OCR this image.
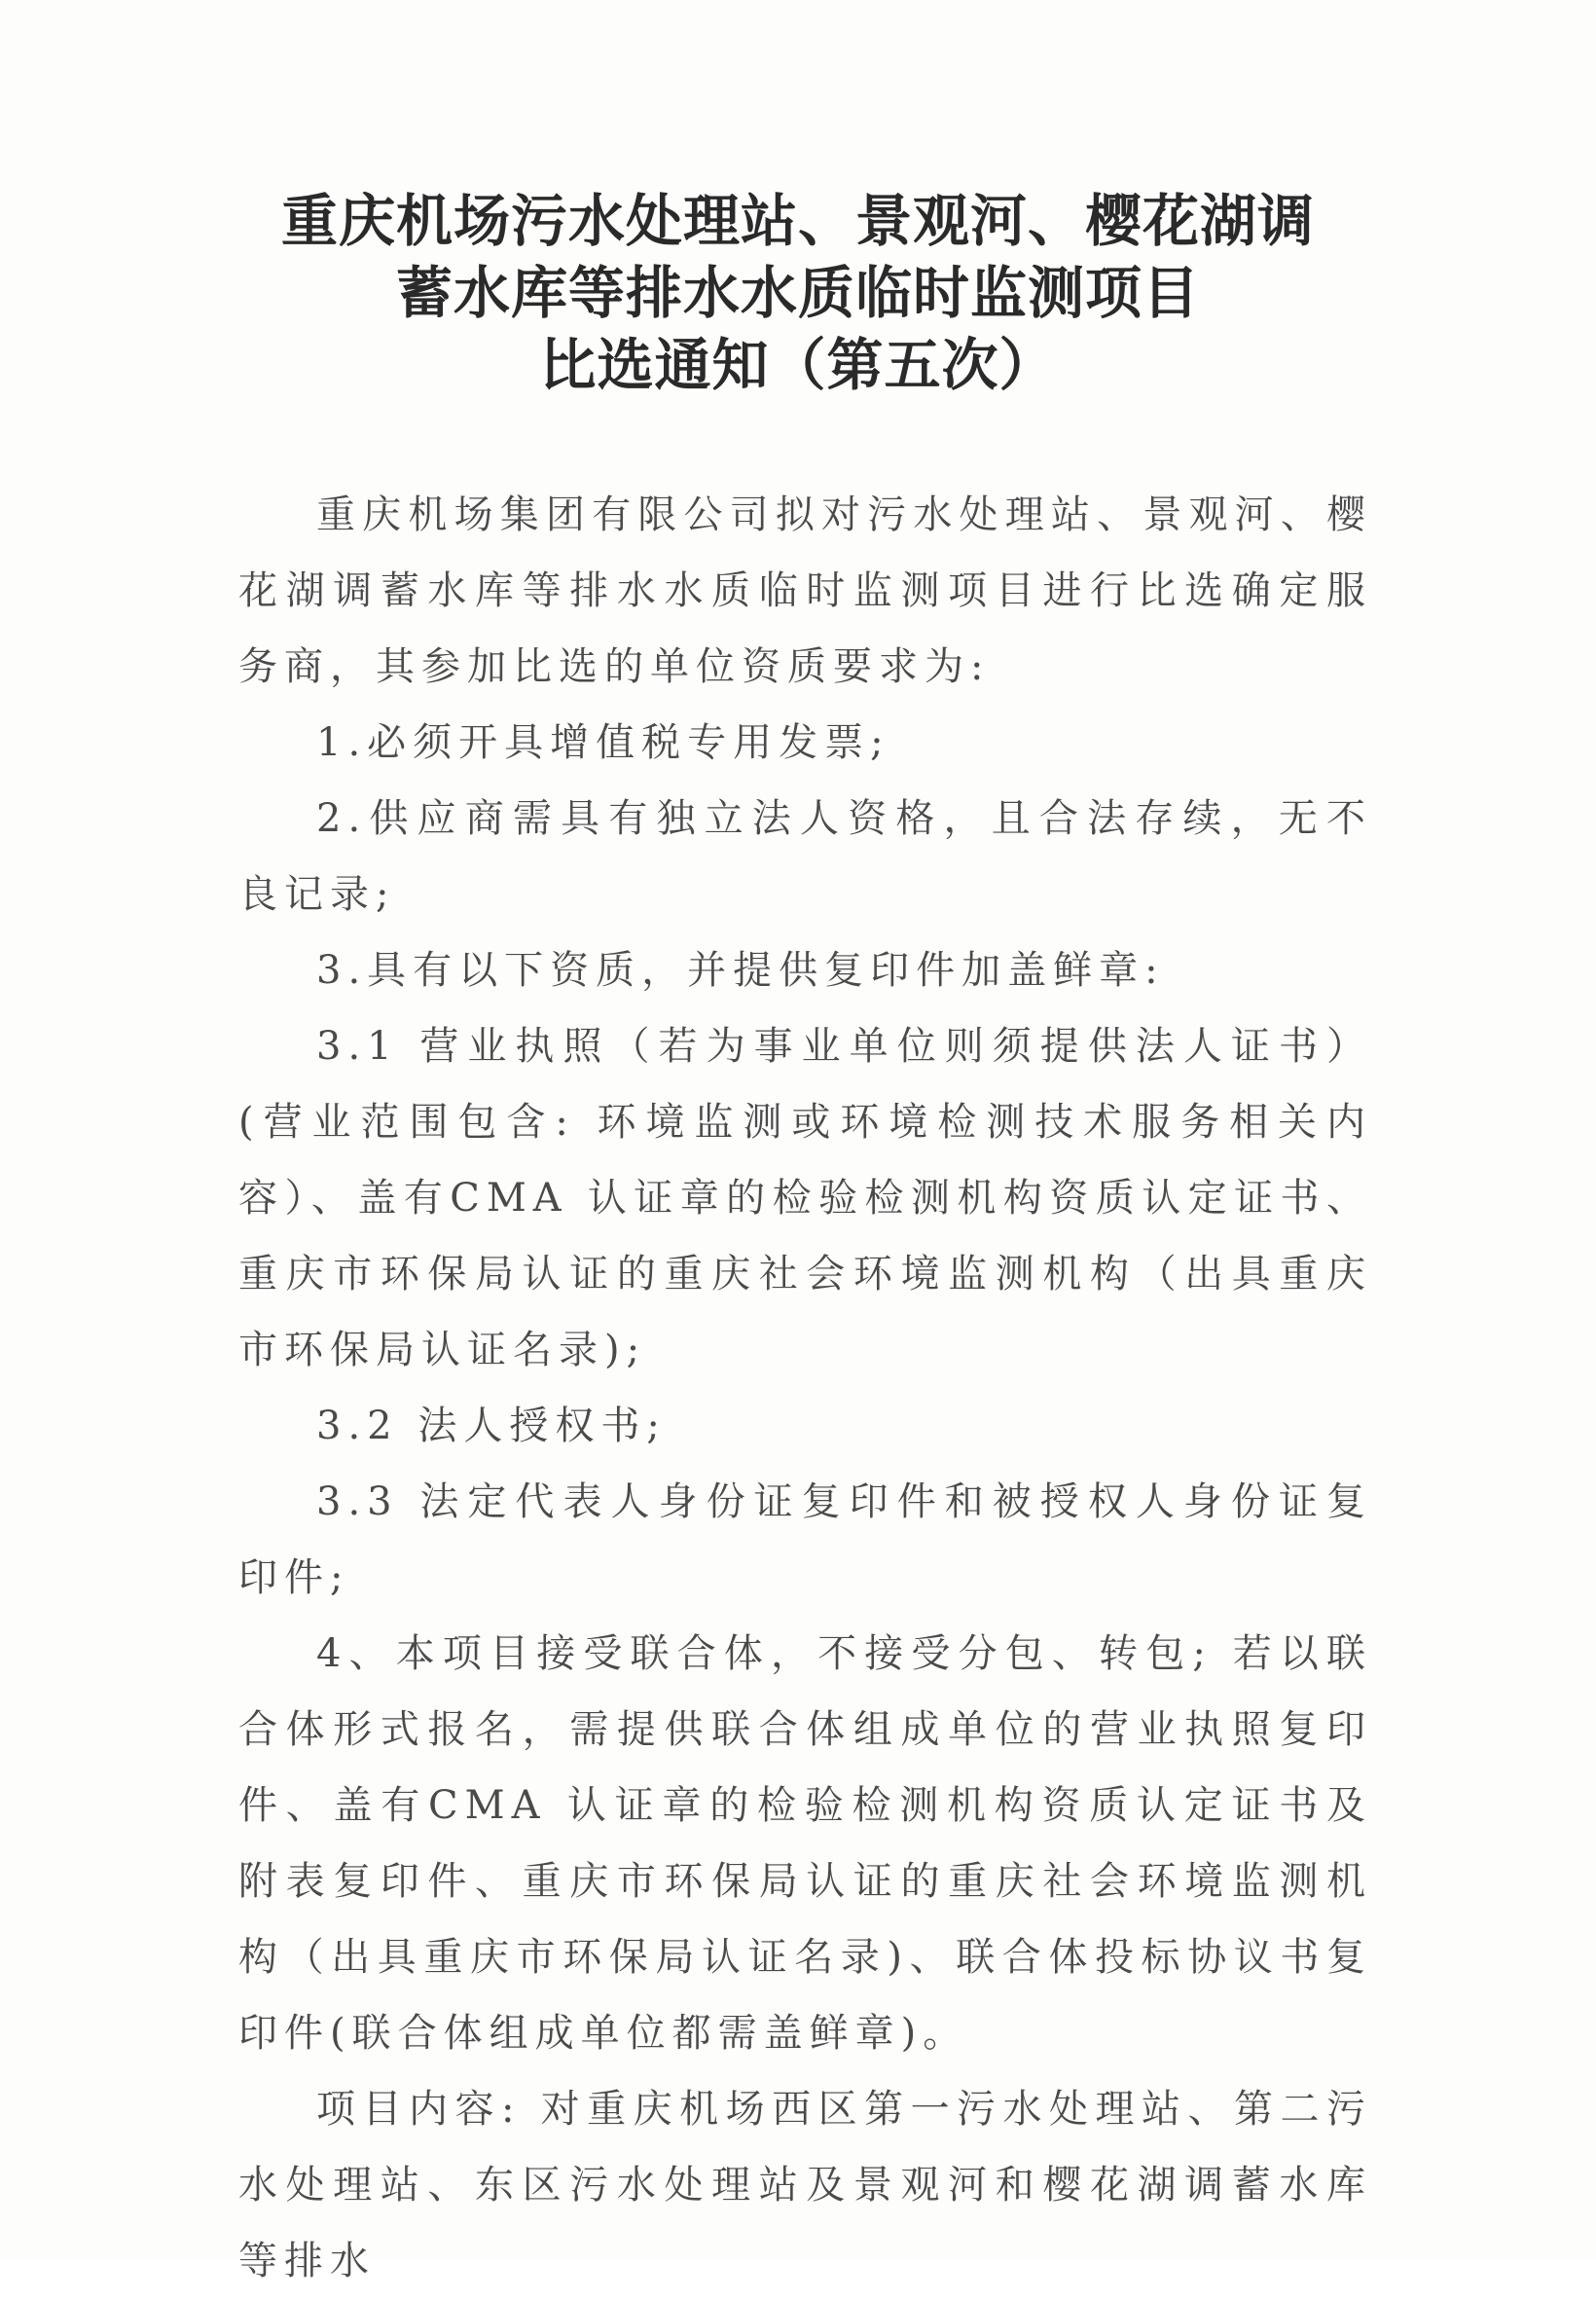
重庆机场污水处理站、景观河、樱花湖调
蓄水库等排水水质临时监测项目
比选通知（第五次）

重庆机场集团有限公司拟对污水处理站、景观河、樱花湖调蓄水库等排水水质临时监测项目进行比选确定服务商，其参加比选的单位资质要求为:

1.必须开具增值税专用发票;

2.供应商需具有独立法人资格，且合法存续，无不良记录;

3.具有以下资质，并提供复印件加盖鲜章:

3.1 营业执照（若为事业单位则须提供法人证书）(营业范围包含: 环境监测或环境检测技术服务相关内容）、盖有CMA 认证章的检验检测机构资质认定证书、重庆市环保局认证的重庆社会环境监测机构（出具重庆市环保局认证名录);

3.2 法人授权书;

3.3 法定代表人身份证复印件和被授权人身份证复印件;

4、本项目接受联合体，不接受分包、转包; 若以联合体形式报名，需提供联合体组成单位的营业执照复印件、盖有CMA 认证章的检验检测机构资质认定证书及附表复印件、重庆市环保局认证的重庆社会环境监测机构（出具重庆市环保局认证名录)、联合体投标协议书复印件(联合体组成单位都需盖鲜章)。

项目内容: 对重庆机场西区第一污水处理站、第二污水处理站、东区污水处理站及景观河和樱花湖调蓄水库等排水
